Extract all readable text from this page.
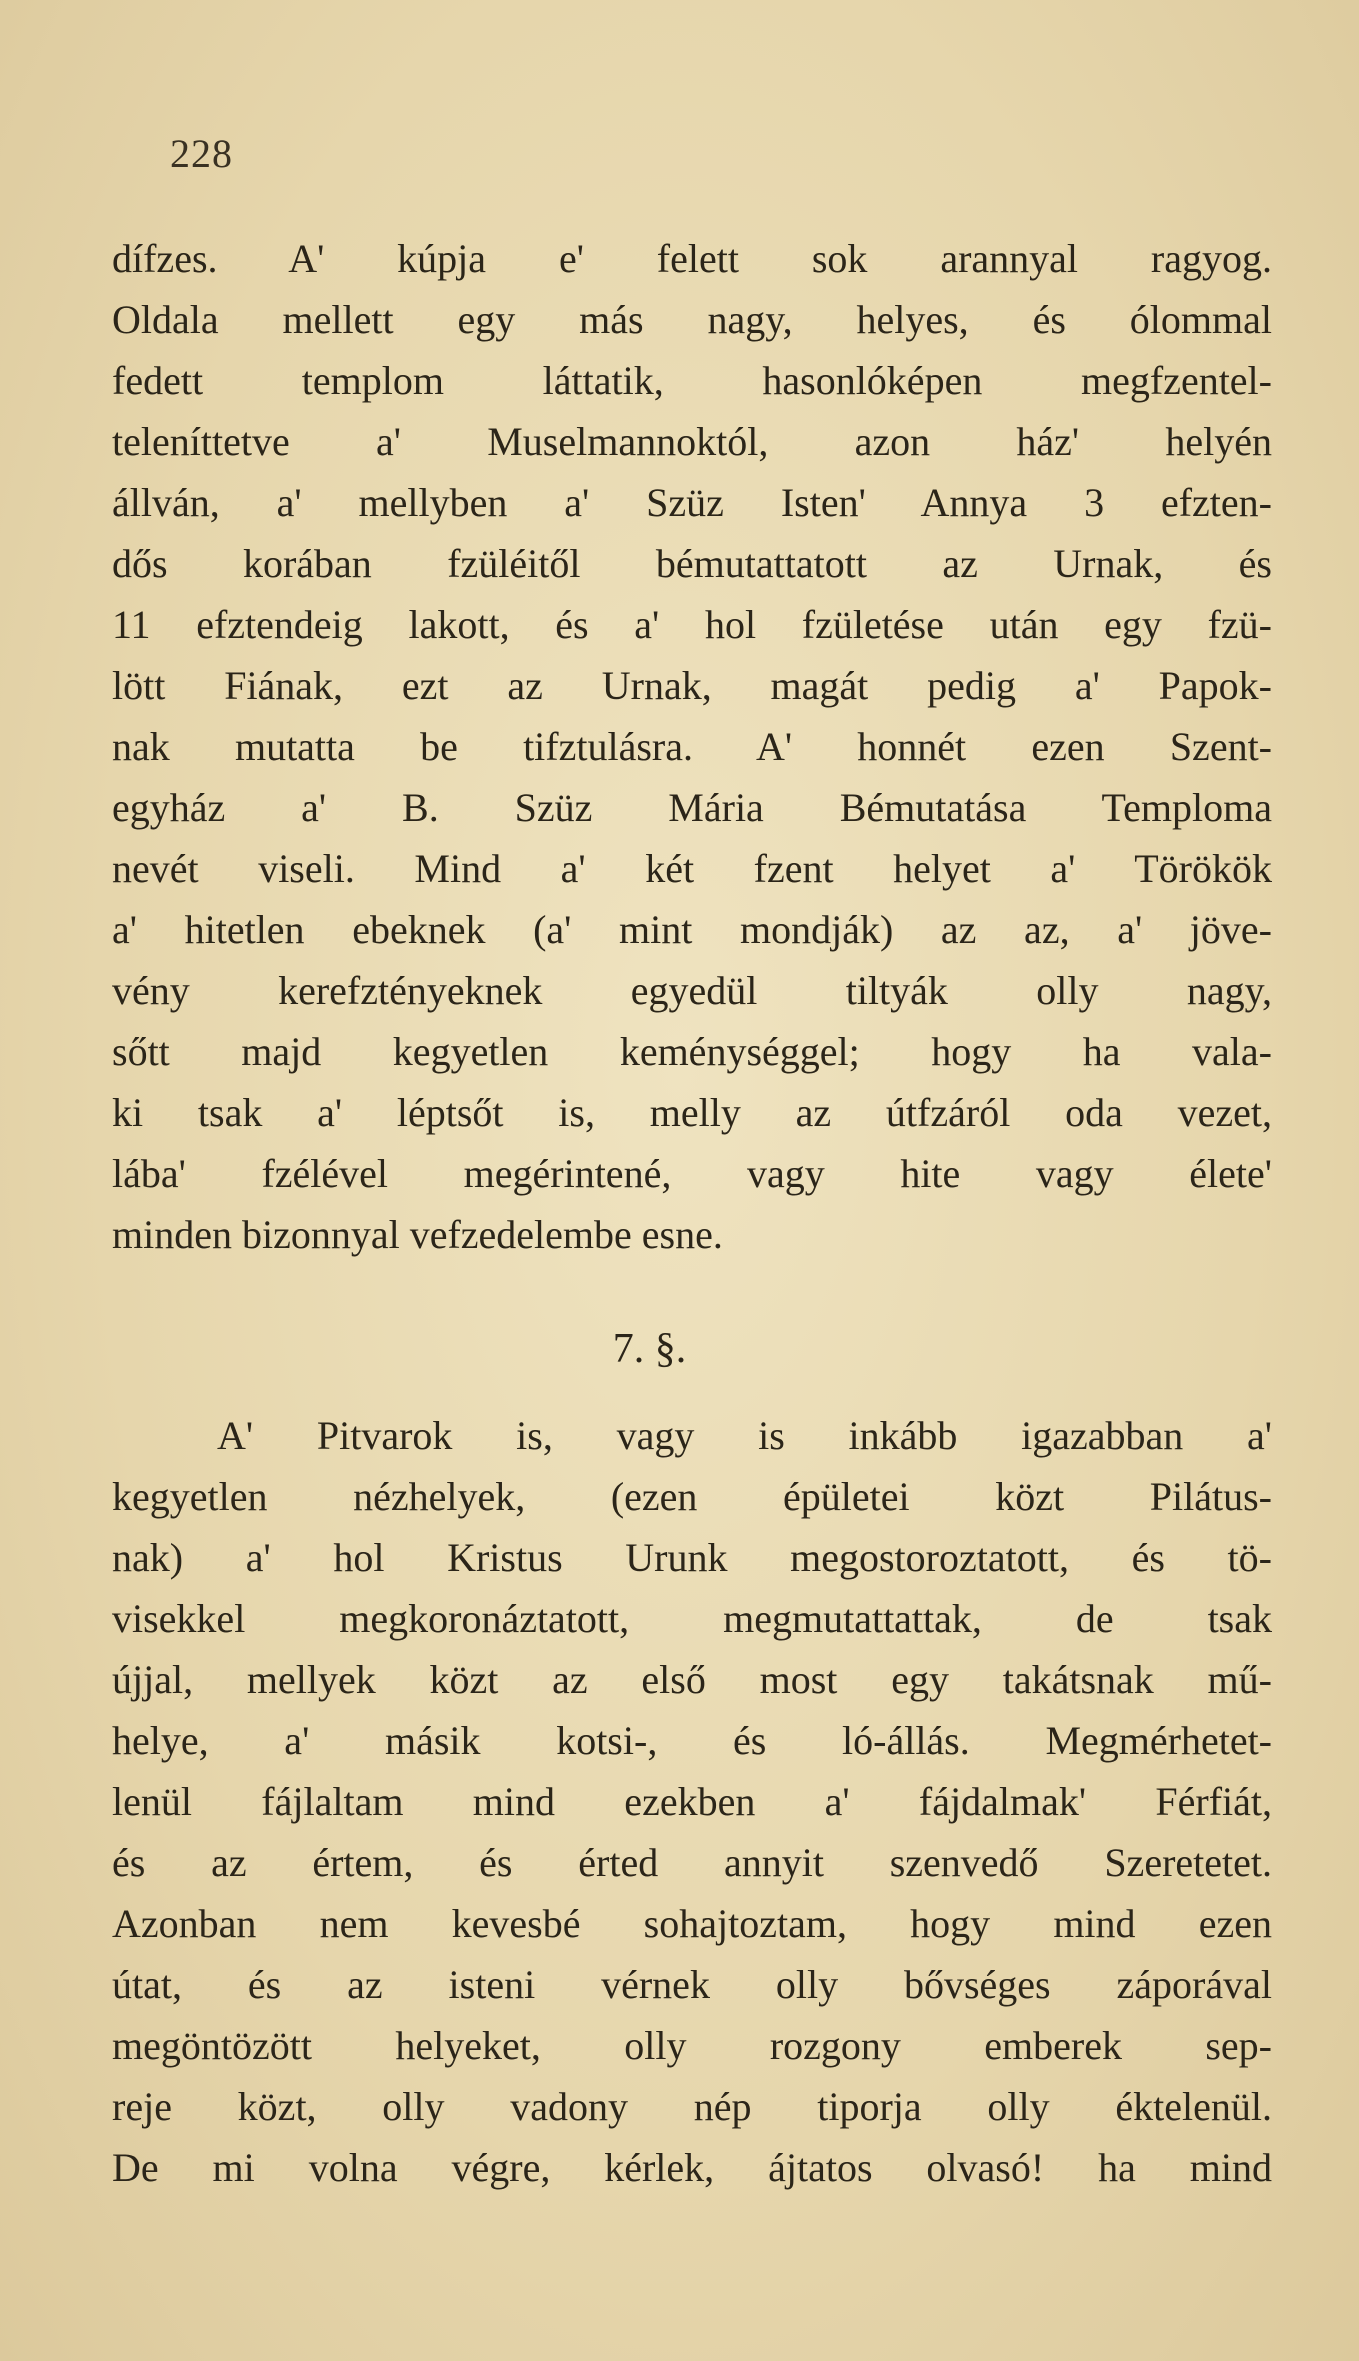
228
dífzes. A' kúpja e' felett sok arannyal ragyog.
Oldala mellett egy más nagy, helyes, és ólommal
fedett templom láttatik, hasonlóképen megfzentel-
teleníttetve a' Muselmannoktól, azon ház' helyén
állván, a' mellyben a' Szüz Isten' Annya 3 efzten-
dős korában fzüléitől bémutattatott az Urnak, és
11 efztendeig lakott, és a' hol fzületése után egy fzü-
lött Fiának, ezt az Urnak, magát pedig a' Papok-
nak mutatta be tifztulásra. A' honnét ezen Szent-
egyház a' B. Szüz Mária Bémutatása Temploma
nevét viseli. Mind a' két fzent helyet a' Törökök
a' hitetlen ebeknek (a' mint mondják) az az, a' jöve-
vény kerefztényeknek egyedül tiltyák olly nagy,
sőtt majd kegyetlen keménységgel; hogy ha vala-
ki tsak a' léptsőt is, melly az útfzáról oda vezet,
lába' fzélével megérintené, vagy hite vagy élete'
minden bizonnyal vefzedelembe esne.
7. §.
A' Pitvarok is, vagy is inkább igazabban a'
kegyetlen nézhelyek, (ezen épületei közt Pilátus-
nak) a' hol Kristus Urunk megostoroztatott, és tö-
visekkel megkoronáztatott, megmutattattak, de tsak
újjal, mellyek közt az első most egy takátsnak mű-
helye, a' másik kotsi-, és ló-állás. Megmérhetet-
lenül fájlaltam mind ezekben a' fájdalmak' Férfiát,
és az értem, és érted annyit szenvedő Szeretetet.
Azonban nem kevesbé sohajtoztam, hogy mind ezen
útat, és az isteni vérnek olly bővséges záporával
megöntözött helyeket, olly rozgony emberek sep-
reje közt, olly vadony nép tiporja olly éktelenül.
De mi volna végre, kérlek, ájtatos olvasó! ha mind
